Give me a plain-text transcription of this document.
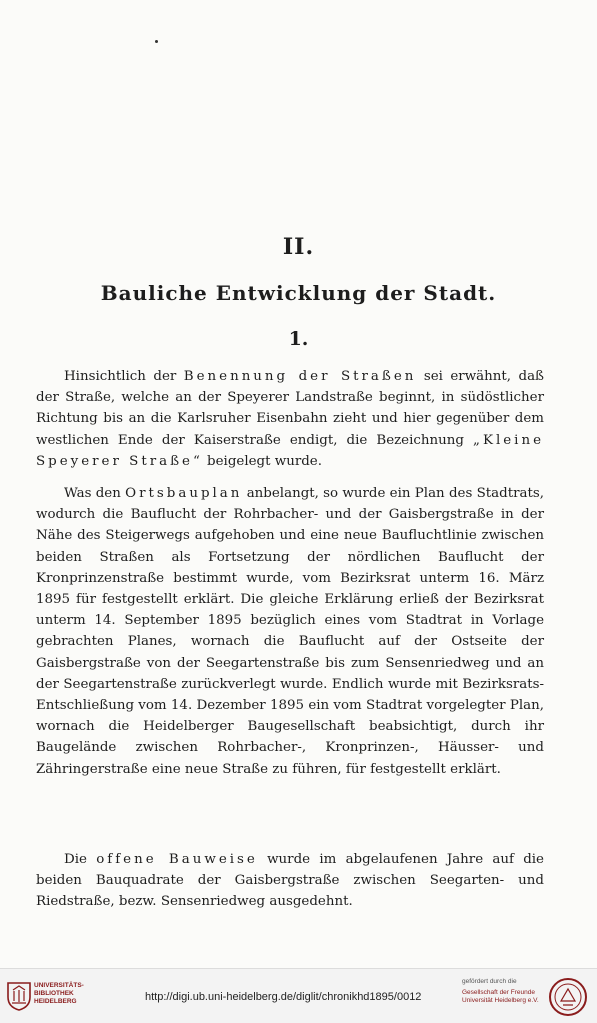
II.
Bauliche Entwicklung der Stadt.
1.

Hinsichtlich der Benennung der Straßen sei erwähnt, daß der Straße, welche an der Speyerer Landstraße beginnt, in südöstlicher Richtung bis an die Karlsruher Eisenbahn zieht und hier gegenüber dem westlichen Ende der Kaiserstraße endigt, die Bezeichnung „Kleine Speyerer Straße“ beigelegt wurde.

Was den Ortsbauplan anbelangt, so wurde ein Plan des Stadtrats, wodurch die Bauflucht der Rohrbacher- und der Gaisbergstraße in der Nähe des Steigerwegs aufgehoben und eine neue Baufluchtlinie zwischen beiden Straßen als Fortsetzung der nördlichen Bauflucht der Kronprinzenstraße bestimmt wurde, vom Bezirksrat unterm 16. März 1895 für festgestellt erklärt. Die gleiche Erklärung erließ der Bezirksrat unterm 14. September 1895 bezüglich eines vom Stadtrat in Vorlage gebrachten Planes, wornach die Bauflucht auf der Ostseite der Gaisbergstraße von der Seegartenstraße bis zum Sensenriedweg und an der Seegartenstraße zurückverlegt wurde. Endlich wurde mit Bezirksrats-Entschließung vom 14. Dezember 1895 ein vom Stadtrat vorgelegter Plan, wornach die Heidelberger Baugesellschaft beabsichtigt, durch ihr Baugelände zwischen Rohrbacher-, Kronprinzen-, Häusser- und Zähringerstraße eine neue Straße zu führen, für festgestellt erklärt.

Die offene Bauweise wurde im abgelaufenen Jahre auf die beiden Bauquadrate der Gaisbergstraße zwischen Seegarten- und Riedstraße, bezw. Sensenriedweg ausgedehnt.

UNIVERSITÄTS-
BIBLIOTHEK
HEIDELBERG	http://digi.ub.uni-heidelberg.de/diglit/chronikhd1895/0012
gefördert durch die
Gesellschaft der Freunde
Universität Heidelberg e.V.
